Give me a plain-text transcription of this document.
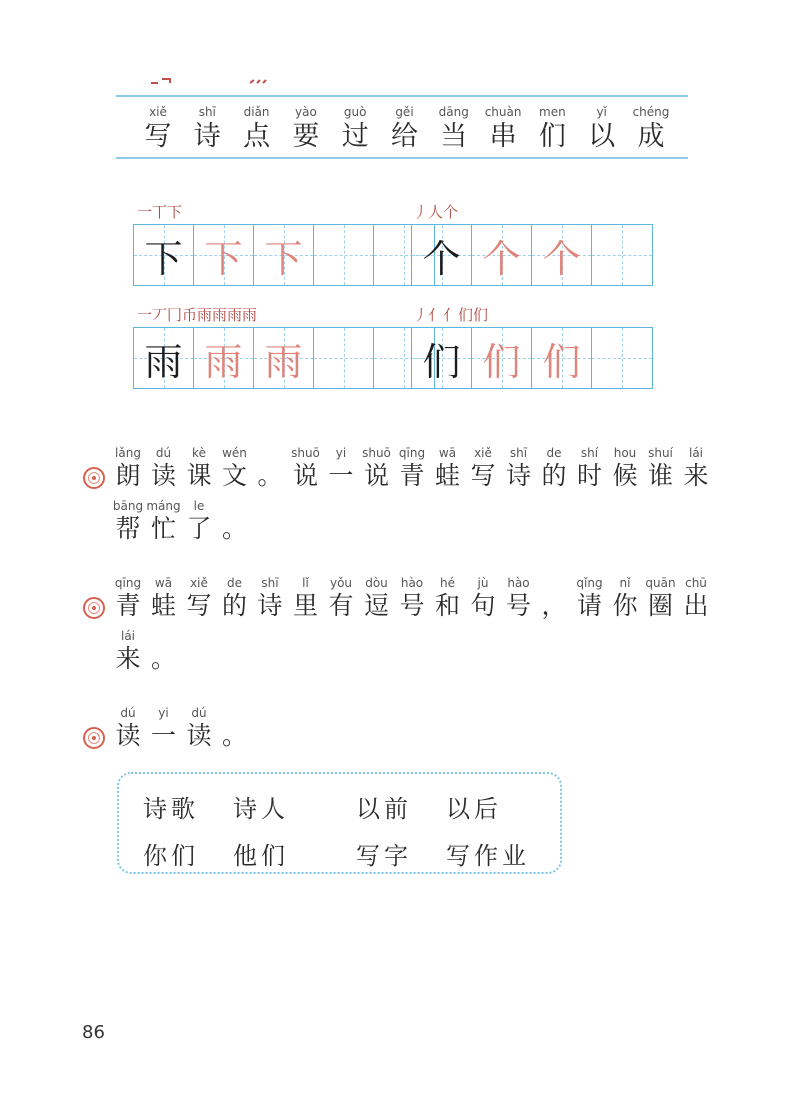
xiě
写
shī
诗
diǎn
点
yào
要
guò
过
gěi
给
dāng
当
chuàn
串
men
们
yǐ
以
chéng
成
一丅下
下 下 下
丿人个
个 个 个
一丆冂币雨雨雨雨
雨 雨 雨
丿亻亻们们
们 们 们
lǎng
朗
dú
读
kè
课
wén
文 。
shuō
说
yi
一
shuō
说
qīng
青
wā
蛙
xiě
写
shī
诗
de
的
shí
时
hou
候
shuí
谁
lái
来
bāng
帮
máng
忙
le
了 。
qīng
青
wā
蛙
xiě
写
de
的
shī
诗
lǐ
里
yǒu
有
dòu
逗
hào
号
hé
和
jù
句
hào
号 ，
qǐng
请
nǐ
你
quān
圈
chū
出
lái
来 。
dú
读
yi
一
dú
读 。
诗歌 诗人	以前 以后
你们 他们	写字 写作业
86
